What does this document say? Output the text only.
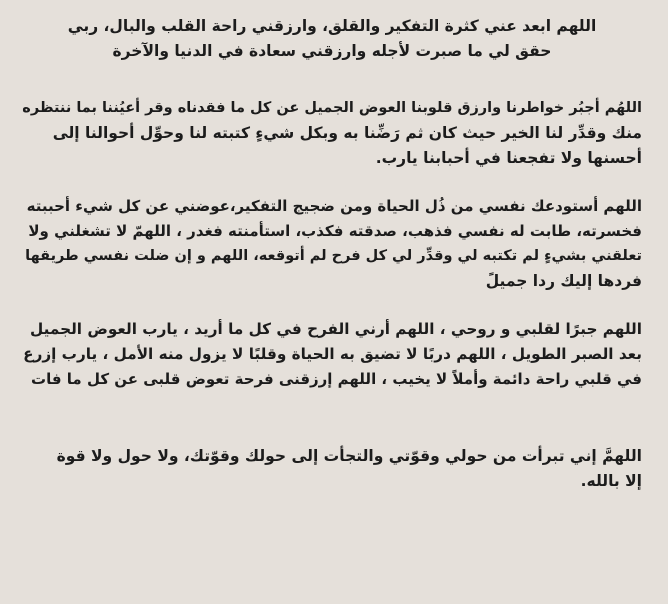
اللهم ابعد عني كثرة التفكير والقلق، وارزقني راحة القلب والبال، ربي
حقق لي ما صبرت لأجله وارزقني سعادة في الدنيا والآخرة

اللهُم أجبُر خواطرنا وارزق قلوبنا العوض الجميل عن كل ما فقدناه وقر أعيُننا بما ننتظره
منك وقدِّر لنا الخير حيث كان ثم رَضِّنا به وبكل شيءٍ كتبته لنا وحوِّل أحوالنا إلى
أحسنها ولا تفجعنا في أحبابنا يارب.

اللهم أستودعك نفسي من ذُل الحياة ومن ضجيج التفكير،عوضني عن كل شيء أحببته
فخسرته، طابت له نفسي فذهب، صدقته فكذب، استأمنته فغدر ، اللهمّ لا تشغلني ولا
تعلقني بشيءٍ لم تكتبه لي وقدِّر لي كل فرح لم أتوقعه، اللهم و إن ضلت نفسي طريقها
فردها إليك ردا جميلً

اللهم جبرًا لقلبي و روحي ، اللهم أرني الفرح في كل ما أريد ، يارب العوض الجميل
بعد الصبر الطويل ، اللهم دربًا لا تضيق به الحياة وقلبًا لا يزول منه الأمل ، يارب إزرع
في قلبي راحة دائمة وأملاً لا يخيب ، اللهم إرزقنى فرحة تعوض قلبى عن كل ما فات

اللهمَّ إني تبرأت من حولي وقوّتي والتجأت إلى حولك وقوّتك، ولا حول ولا قوة
إلا بالله.
